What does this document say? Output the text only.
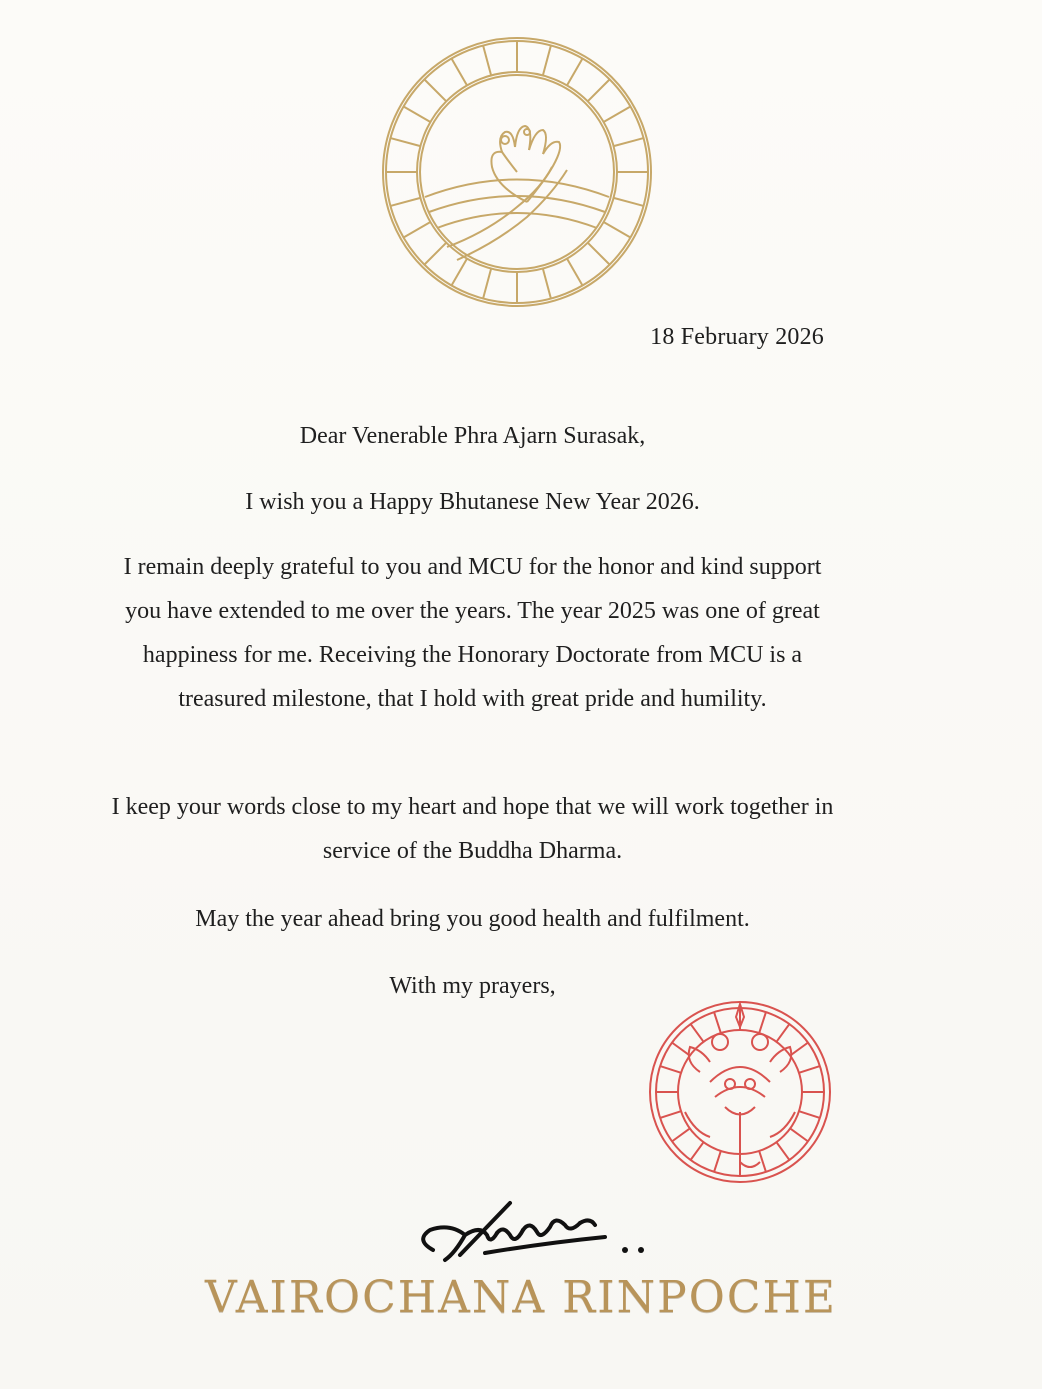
18 February 2026
Dear Venerable Phra Ajarn Surasak,
I wish you a Happy Bhutanese New Year 2026.
I remain deeply grateful to you and MCU for the honor and kind support you have extended to me over the years. The year 2025 was one of great happiness for me. Receiving the Honorary Doctorate from MCU is a treasured milestone, that I hold with great pride and humility.
I keep your words close to my heart and hope that we will work together in service of the Buddha Dharma.
May the year ahead bring you good health and fulfilment.
With my prayers,
VAIROCHANA RINPOCHE
